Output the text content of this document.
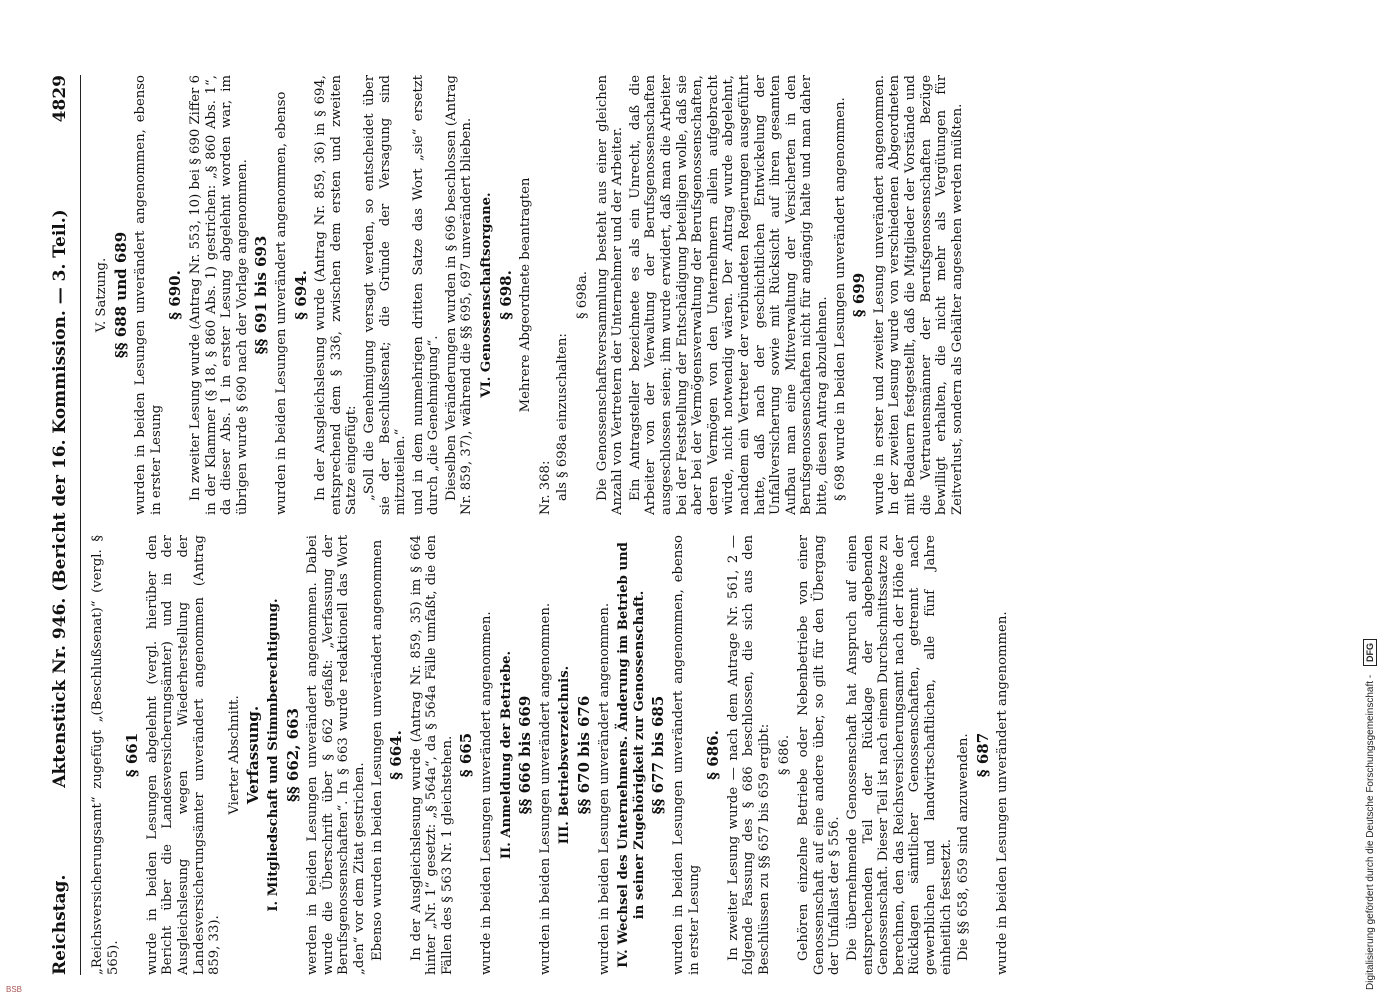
Reichstag.
Aktenstück Nr. 946. (Bericht der 16. Kommission. — 3. Teil.)
4829

„Reichsversicherungsamt“ zugefügt „(Beschlußsenat)“ (vergl. § 565).

§ 661 wurde in beiden Lesungen abgelehnt (vergl. hierüber den Bericht über die Landesversicherungsämter) und in der Ausgleichslesung wegen Wiederherstellung der Landesversicherungsämter unverändert angenommen (Antrag 859, 33).

Vierter Abschnitt. Verfassung. I. Mitgliedschaft und Stimmberechtigung. §§ 662, 663 werden in beiden Lesungen unverändert angenommen. Dabei wurde die Überschrift über § 662 gefaßt: „Verfassung der Berufsgenossenschaften“. In § 663 wurde redaktionell das Wort „den“ vor dem Zitat gestrichen. Ebenso wurden in beiden Lesungen unverändert angenommen § 664. In der Ausgleichslesung wurde (Antrag Nr. 859, 35) im § 664 hinter „Nr. 1“ gesetzt: „§ 564a“, da § 564a Fälle umfaßt, die den Fällen des § 563 Nr. 1 gleichstehen. § 665 wurde in beiden Lesungen unverändert angenommen. II. Anmeldung der Betriebe. §§ 666 bis 669 wurden in beiden Lesungen unverändert angenommen. III. Betriebsverzeichnis. §§ 670 bis 676 wurden in beiden Lesungen unverändert angenommen. IV. Wechsel des Unternehmens. Änderung im Betrieb und in seiner Zugehörigkeit zur Genossenschaft. §§ 677 bis 685 wurden in beiden Lesungen unverändert angenommen, ebenso in erster Lesung

§ 686. In zweiter Lesung wurde — nach dem Antrage Nr. 561, 2 — folgende Fassung des § 686 beschlossen, die sich aus den Beschlüssen zu §§ 657 bis 659 ergibt: § 686. Gehören einzelne Betriebe oder Nebenbetriebe von einer Genossenschaft auf eine andere über, so gilt für den Übergang der Unfallast der § 556. Die übernehmende Genossenschaft hat Anspruch auf einen entsprechenden Teil der Rücklage der abgebenden Genossenschaft. Dieser Teil ist nach einem Durchschnittssatze zu berechnen, den das Reichsversicherungsamt nach der Höhe der Rücklagen sämtlicher Genossenschaften, getrennt nach gewerblichen und landwirtschaftlichen, alle fünf Jahre einheitlich festsetzt. Die §§ 658, 659 sind anzuwenden. § 687 wurde in beiden Lesungen unverändert angenommen.

V. Satzung. §§ 688 und 689 wurden in beiden Lesungen unverändert angenommen, ebenso in erster Lesung

§ 690. In zweiter Lesung wurde (Antrag Nr. 553, 10) bei § 690 Ziffer 6 in der Klammer (§ 18, § 860 Abs. 1) gestrichen: „§ 860 Abs. 1“, da dieser Abs. 1 in erster Lesung abgelehnt worden war, im übrigen wurde § 690 nach der Vorlage angenommen. §§ 691 bis 693 wurden in beiden Lesungen unverändert angenommen, ebenso § 694. In der Ausgleichslesung wurde (Antrag Nr. 859, 36) in § 694, entsprechend dem § 336, zwischen dem ersten und zweiten Satze eingefügt: „Soll die Genehmigung versagt werden, so entscheidet über sie der Beschlußsenat; die Gründe der Versagung sind mitzuteilen.“ und in dem nunmehrigen dritten Satze das Wort „sie“ ersetzt durch „die Genehmigung“. Dieselben Veränderungen wurden in § 696 beschlossen (Antrag Nr. 859, 37), während die §§ 695, 697 unverändert blieben. VI. Genossenschaftsorgane. § 698. Mehrere Abgeordnete beantragten

Nr. 368: als § 698a einzuschalten:

§ 698a. Die Genossenschaftsversammlung besteht aus einer gleichen Anzahl von Vertretern der Unternehmer und der Arbeiter. Ein Antragsteller bezeichnete es als ein Unrecht, daß die Arbeiter von der Verwaltung der Berufsgenossenschaften ausgeschlossen seien; ihm wurde erwidert, daß man die Arbeiter bei der Feststellung der Entschädigung beteiligen wolle, daß sie aber bei der Vermögensverwaltung der Berufsgenossenschaften, deren Vermögen von den Unternehmern allein aufgebracht würde, nicht notwendig wären. Der Antrag wurde abgelehnt, nachdem ein Vertreter der verbündeten Regierungen ausgeführt hatte, daß nach der geschichtlichen Entwickelung der Unfallversicherung sowie mit Rücksicht auf ihren gesamten Aufbau man eine Mitverwaltung der Versicherten in den Berufsgenossenschaften nicht für angängig halte und man daher bitte, diesen Antrag abzulehnen. § 698 wurde in beiden Lesungen unverändert angenommen. § 699 wurde in erster und zweiter Lesung unverändert angenommen. In der zweiten Lesung wurde von verschiedenen Abgeordneten mit Bedauern festgestellt, daß die Mitglieder der Vorstände und die Vertrauensmänner der Berufsgenossenschaften Bezüge bewilligt erhalten, die nicht mehr als Vergütungen für Zeitverlust, sondern als Gehälter angesehen werden müßten.

Digitalisierung gefördert durch die Deutsche Forschungsgemeinschaft - DFG
BSB
